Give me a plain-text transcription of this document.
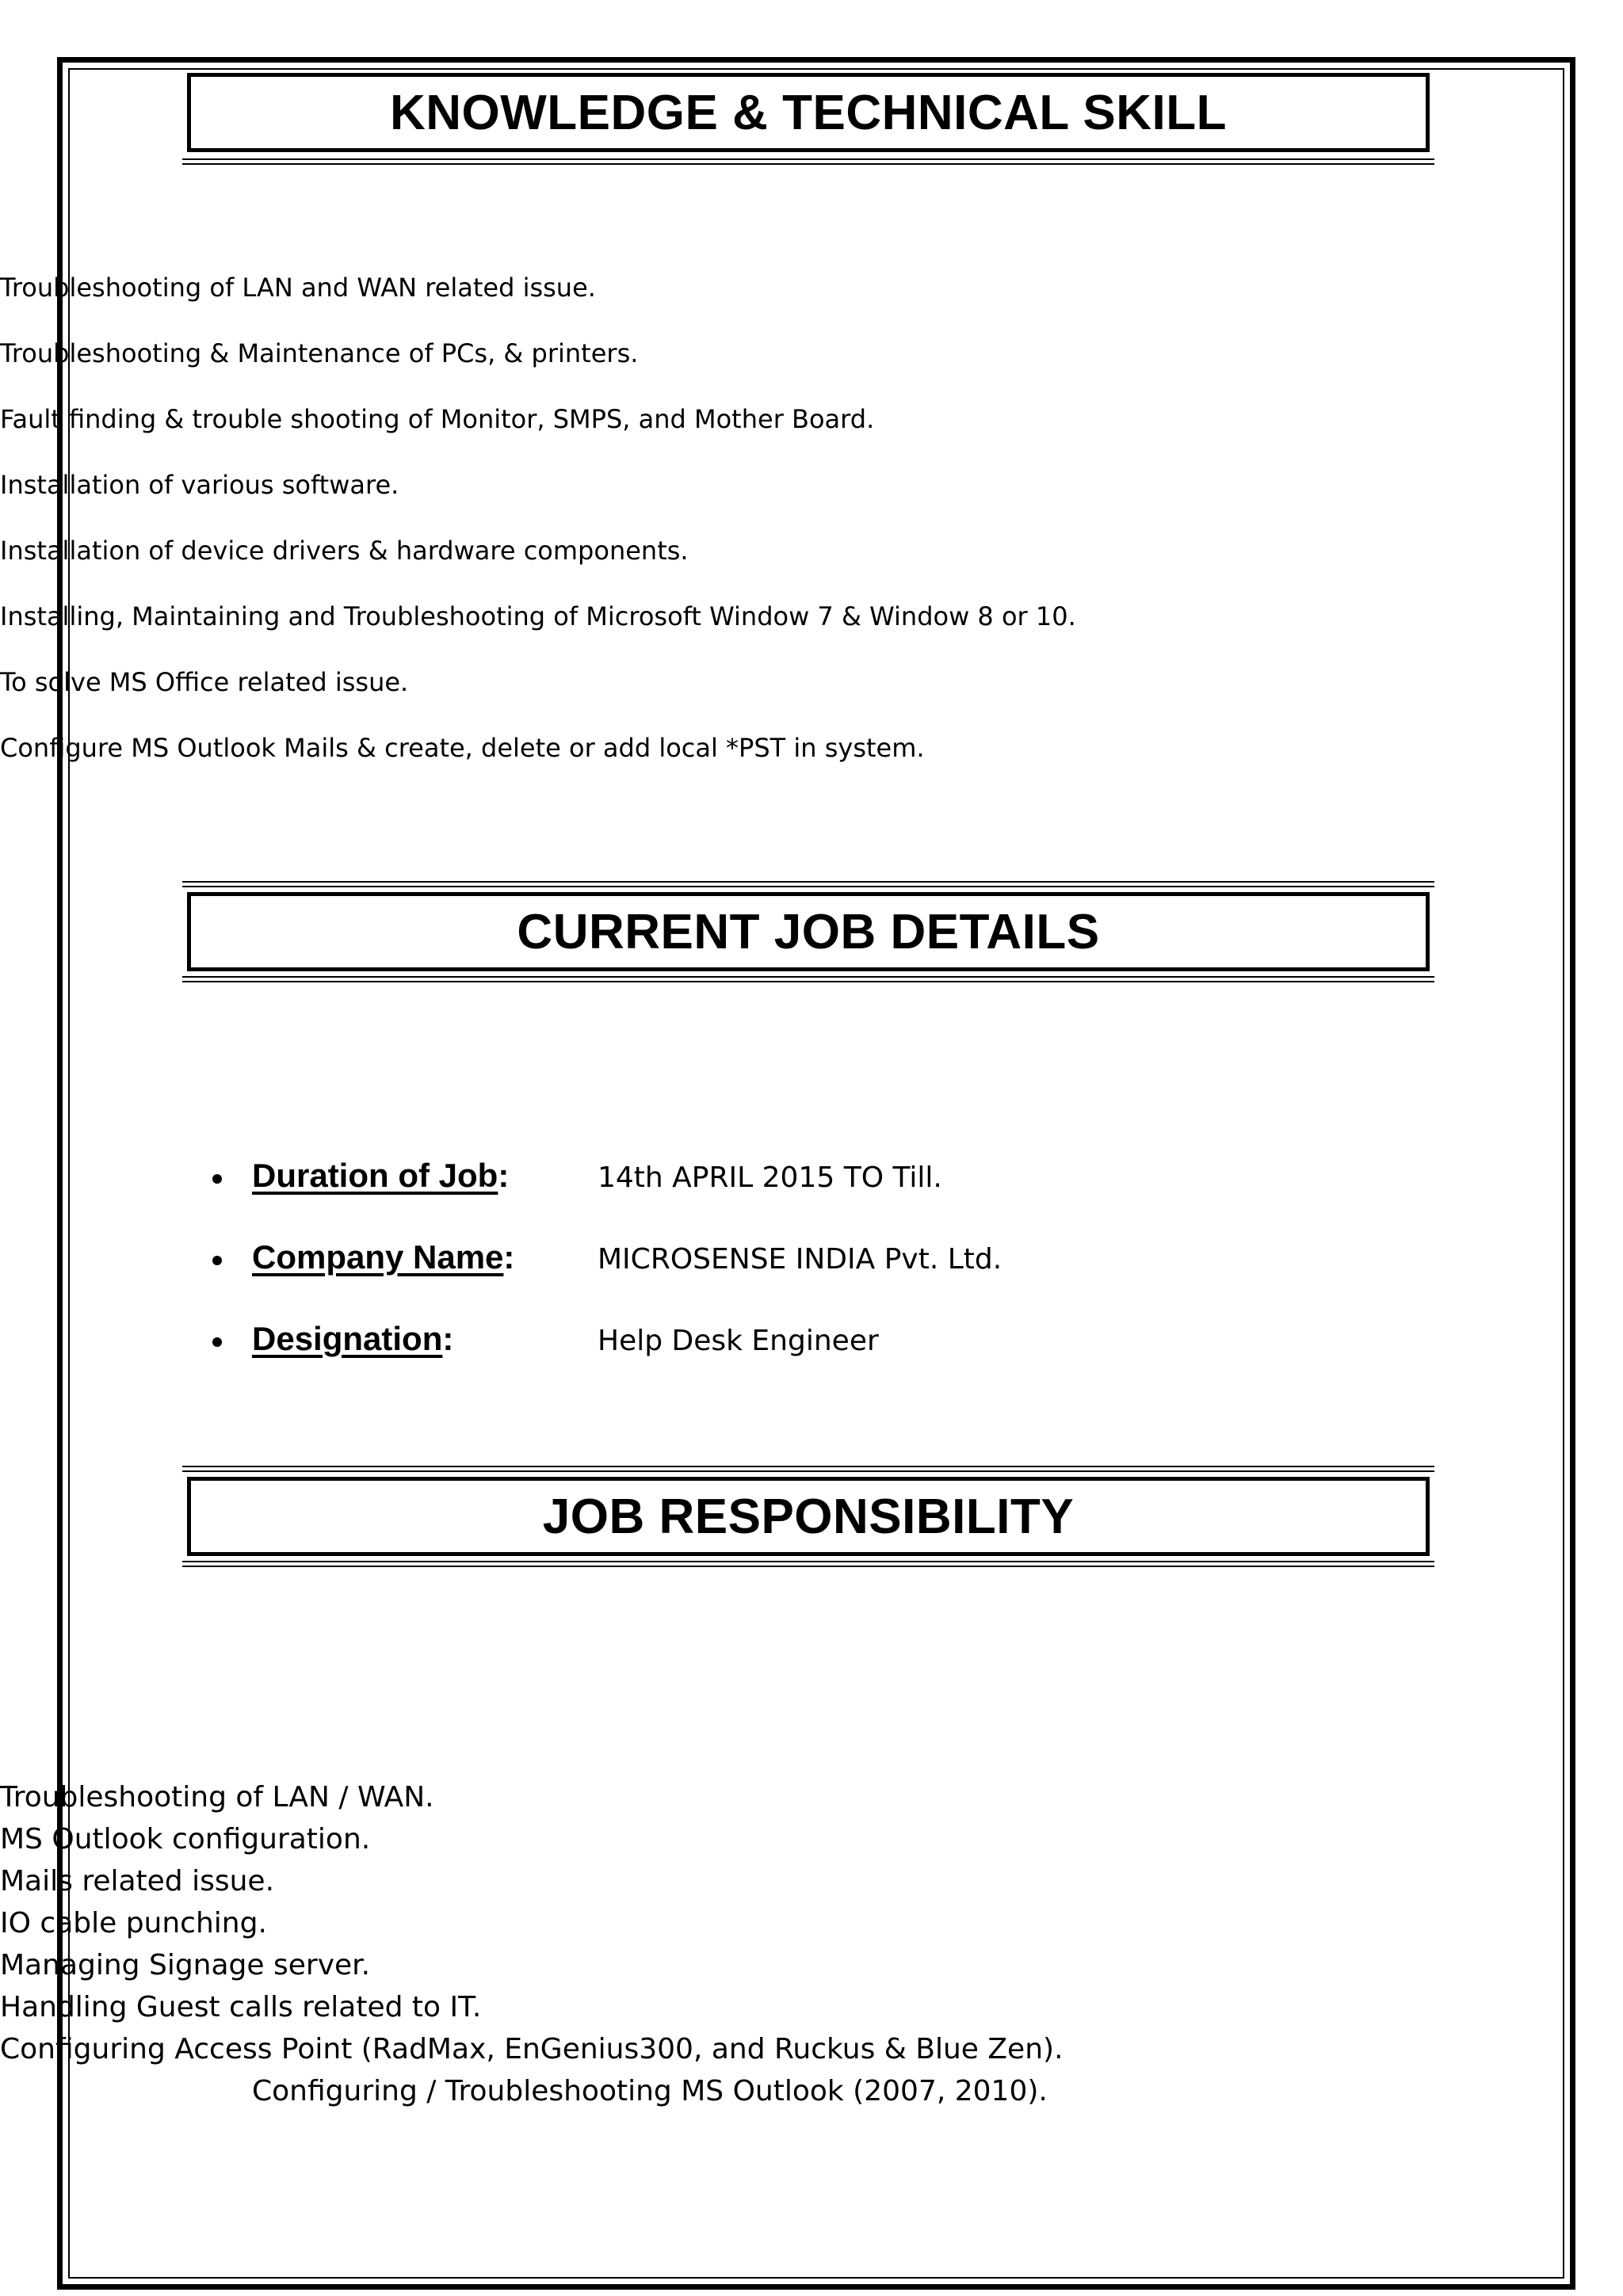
KNOWLEDGE & TECHNICAL SKILL
Troubleshooting of LAN and WAN related issue.
Troubleshooting & Maintenance of PCs, & printers.
Fault finding & trouble shooting of Monitor, SMPS, and Mother Board.
Installation of various software.
Installation of device drivers & hardware components.
Installing, Maintaining and Troubleshooting of Microsoft Window 7 & Window 8 or 10.
To solve MS Office related issue.
Configure MS Outlook Mails & create, delete or add local *PST in system.
CURRENT JOB DETAILS
Duration of Job:	14th APRIL 2015 TO Till.
Company Name:	MICROSENSE INDIA Pvt. Ltd.
Designation:	Help Desk Engineer
JOB RESPONSIBILITY
Troubleshooting of LAN / WAN.
MS Outlook configuration.
Mails related issue.
IO cable punching.
Managing Signage server.
Handling Guest calls related to IT.
Configuring Access Point (RadMax, EnGenius300, and Ruckus & Blue Zen).
Configuring / Troubleshooting MS Outlook (2007, 2010).
